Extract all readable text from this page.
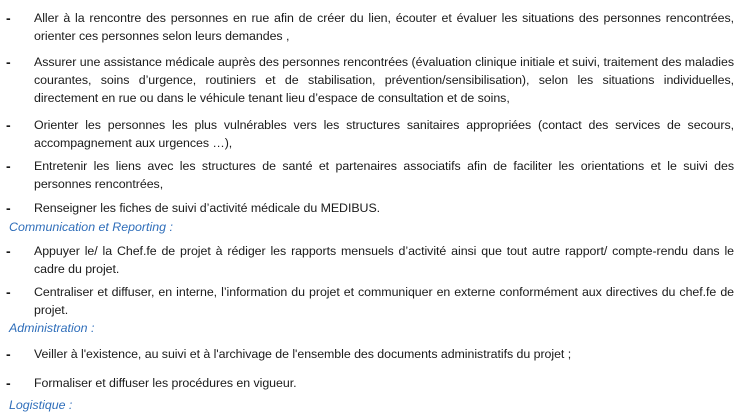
- Aller à la rencontre des personnes en rue afin de créer du lien, écouter et évaluer les situations des personnes rencontrées, orienter ces personnes selon leurs demandes ,
- Assurer une assistance médicale auprès des personnes rencontrées (évaluation clinique initiale et suivi, traitement des maladies courantes, soins d’urgence, routiniers et de stabilisation, prévention/sensibilisation), selon les situations individuelles, directement en rue ou dans le véhicule tenant lieu d’espace de consultation et de soins,
- Orienter les personnes les plus vulnérables vers les structures sanitaires appropriées (contact des services de secours, accompagnement aux urgences …),
- Entretenir les liens avec les structures de santé et partenaires associatifs afin de faciliter les orientations et le suivi des personnes rencontrées,
- Renseigner les fiches de suivi d’activité médicale du MEDIBUS.
Communication et Reporting :
- Appuyer le/ la Chef.fe de projet à rédiger les rapports mensuels d’activité ainsi que tout autre rapport/ compte-rendu dans le cadre du projet.
- Centraliser et diffuser, en interne, l’information du projet et communiquer en externe conformément aux directives du chef.fe de projet.
Administration :
- Veiller à l'existence, au suivi et à l'archivage de l'ensemble des documents administratifs du projet ;
- Formaliser et diffuser les procédures en vigueur.
Logistique :
